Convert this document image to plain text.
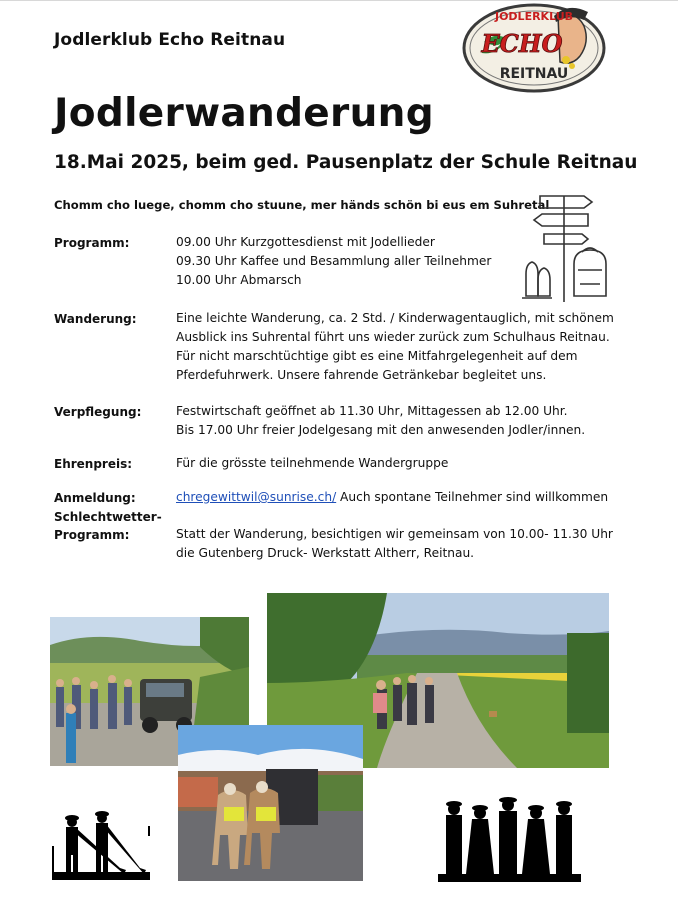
Jodlerklub Echo Reitnau
JODLERKLUB
ECHO
REITNAU
Jodlerwanderung
18.Mai 2025, beim ged. Pausenplatz der Schule Reitnau
Chomm cho luege, chomm cho stuune, mer händs schön bi eus em Suhretal
Programm:	09.00 Uhr Kurzgottesdienst mit Jodellieder
09.30 Uhr Kaffee und Besammlung aller Teilnehmer
10.00 Uhr Abmarsch
Wanderung:	Eine leichte Wanderung, ca. 2 Std. / Kinderwagentauglich, mit schönem
Ausblick ins Suhrental führt uns wieder zurück zum Schulhaus Reitnau.
Für nicht marschtüchtige gibt es eine Mitfahrgelegenheit auf dem
Pferdefuhrwerk. Unsere fahrende Getränkebar begleitet uns.
Verpflegung:	Festwirtschaft geöffnet ab 11.30 Uhr, Mittagessen ab 12.00 Uhr.
Bis 17.00 Uhr freier Jodelgesang mit den anwesenden Jodler/innen.
Ehrenpreis:	Für die grösste teilnehmende Wandergruppe
Anmeldung:	chregewittwil@sunrise.ch/ Auch spontane Teilnehmer sind willkommen
Schlechtwetter-
Programm:	Statt der Wanderung, besichtigen wir gemeinsam von 10.00- 11.30 Uhr
die Gutenberg Druck- Werkstatt Altherr, Reitnau.
